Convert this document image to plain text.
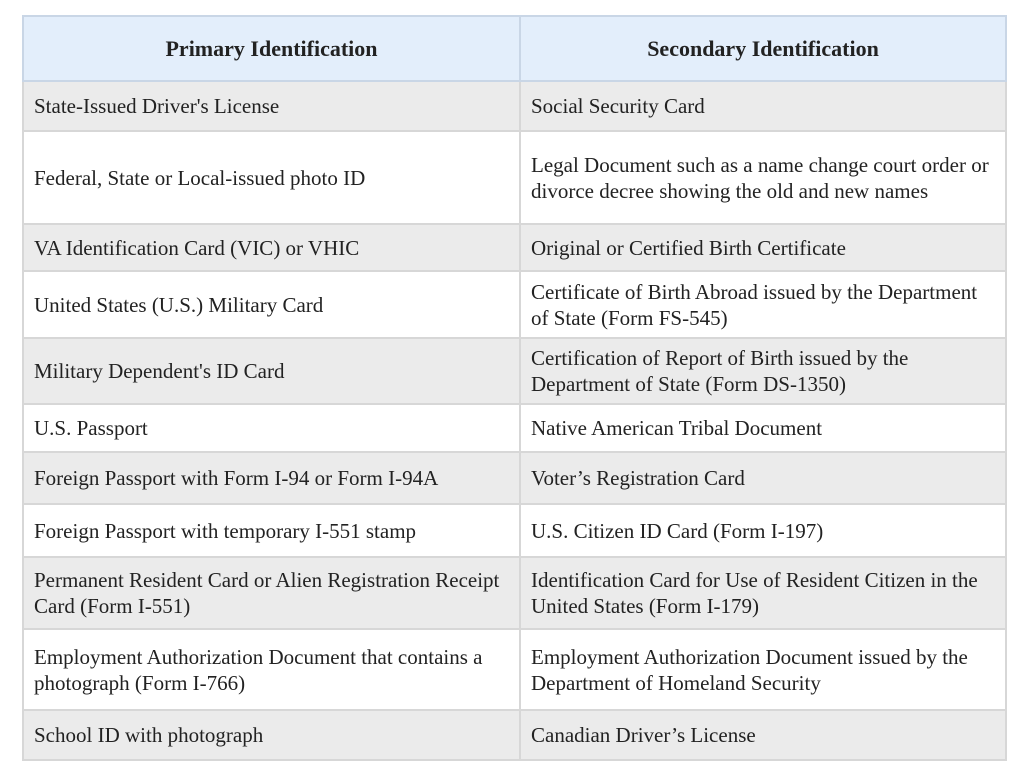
Primary Identification	Secondary Identification
State-Issued Driver's License	Social Security Card
Federal, State or Local-issued photo ID	Legal Document such as a name change court order or divorce decree showing the old and new names
VA Identification Card (VIC) or VHIC	Original or Certified Birth Certificate
United States (U.S.) Military Card	Certificate of Birth Abroad issued by the Department of State (Form FS-545)
Military Dependent's ID Card	Certification of Report of Birth issued by the Department of State (Form DS-1350)
U.S. Passport	Native American Tribal Document
Foreign Passport with Form I-94 or Form I-94A	Voter’s Registration Card
Foreign Passport with temporary I-551 stamp	U.S. Citizen ID Card (Form I-197)
Permanent Resident Card or Alien Registration Receipt Card (Form I-551)	Identification Card for Use of Resident Citizen in the United States (Form I-179)
Employment Authorization Document that contains a photograph (Form I-766)	Employment Authorization Document issued by the Department of Homeland Security
School ID with photograph	Canadian Driver’s License
